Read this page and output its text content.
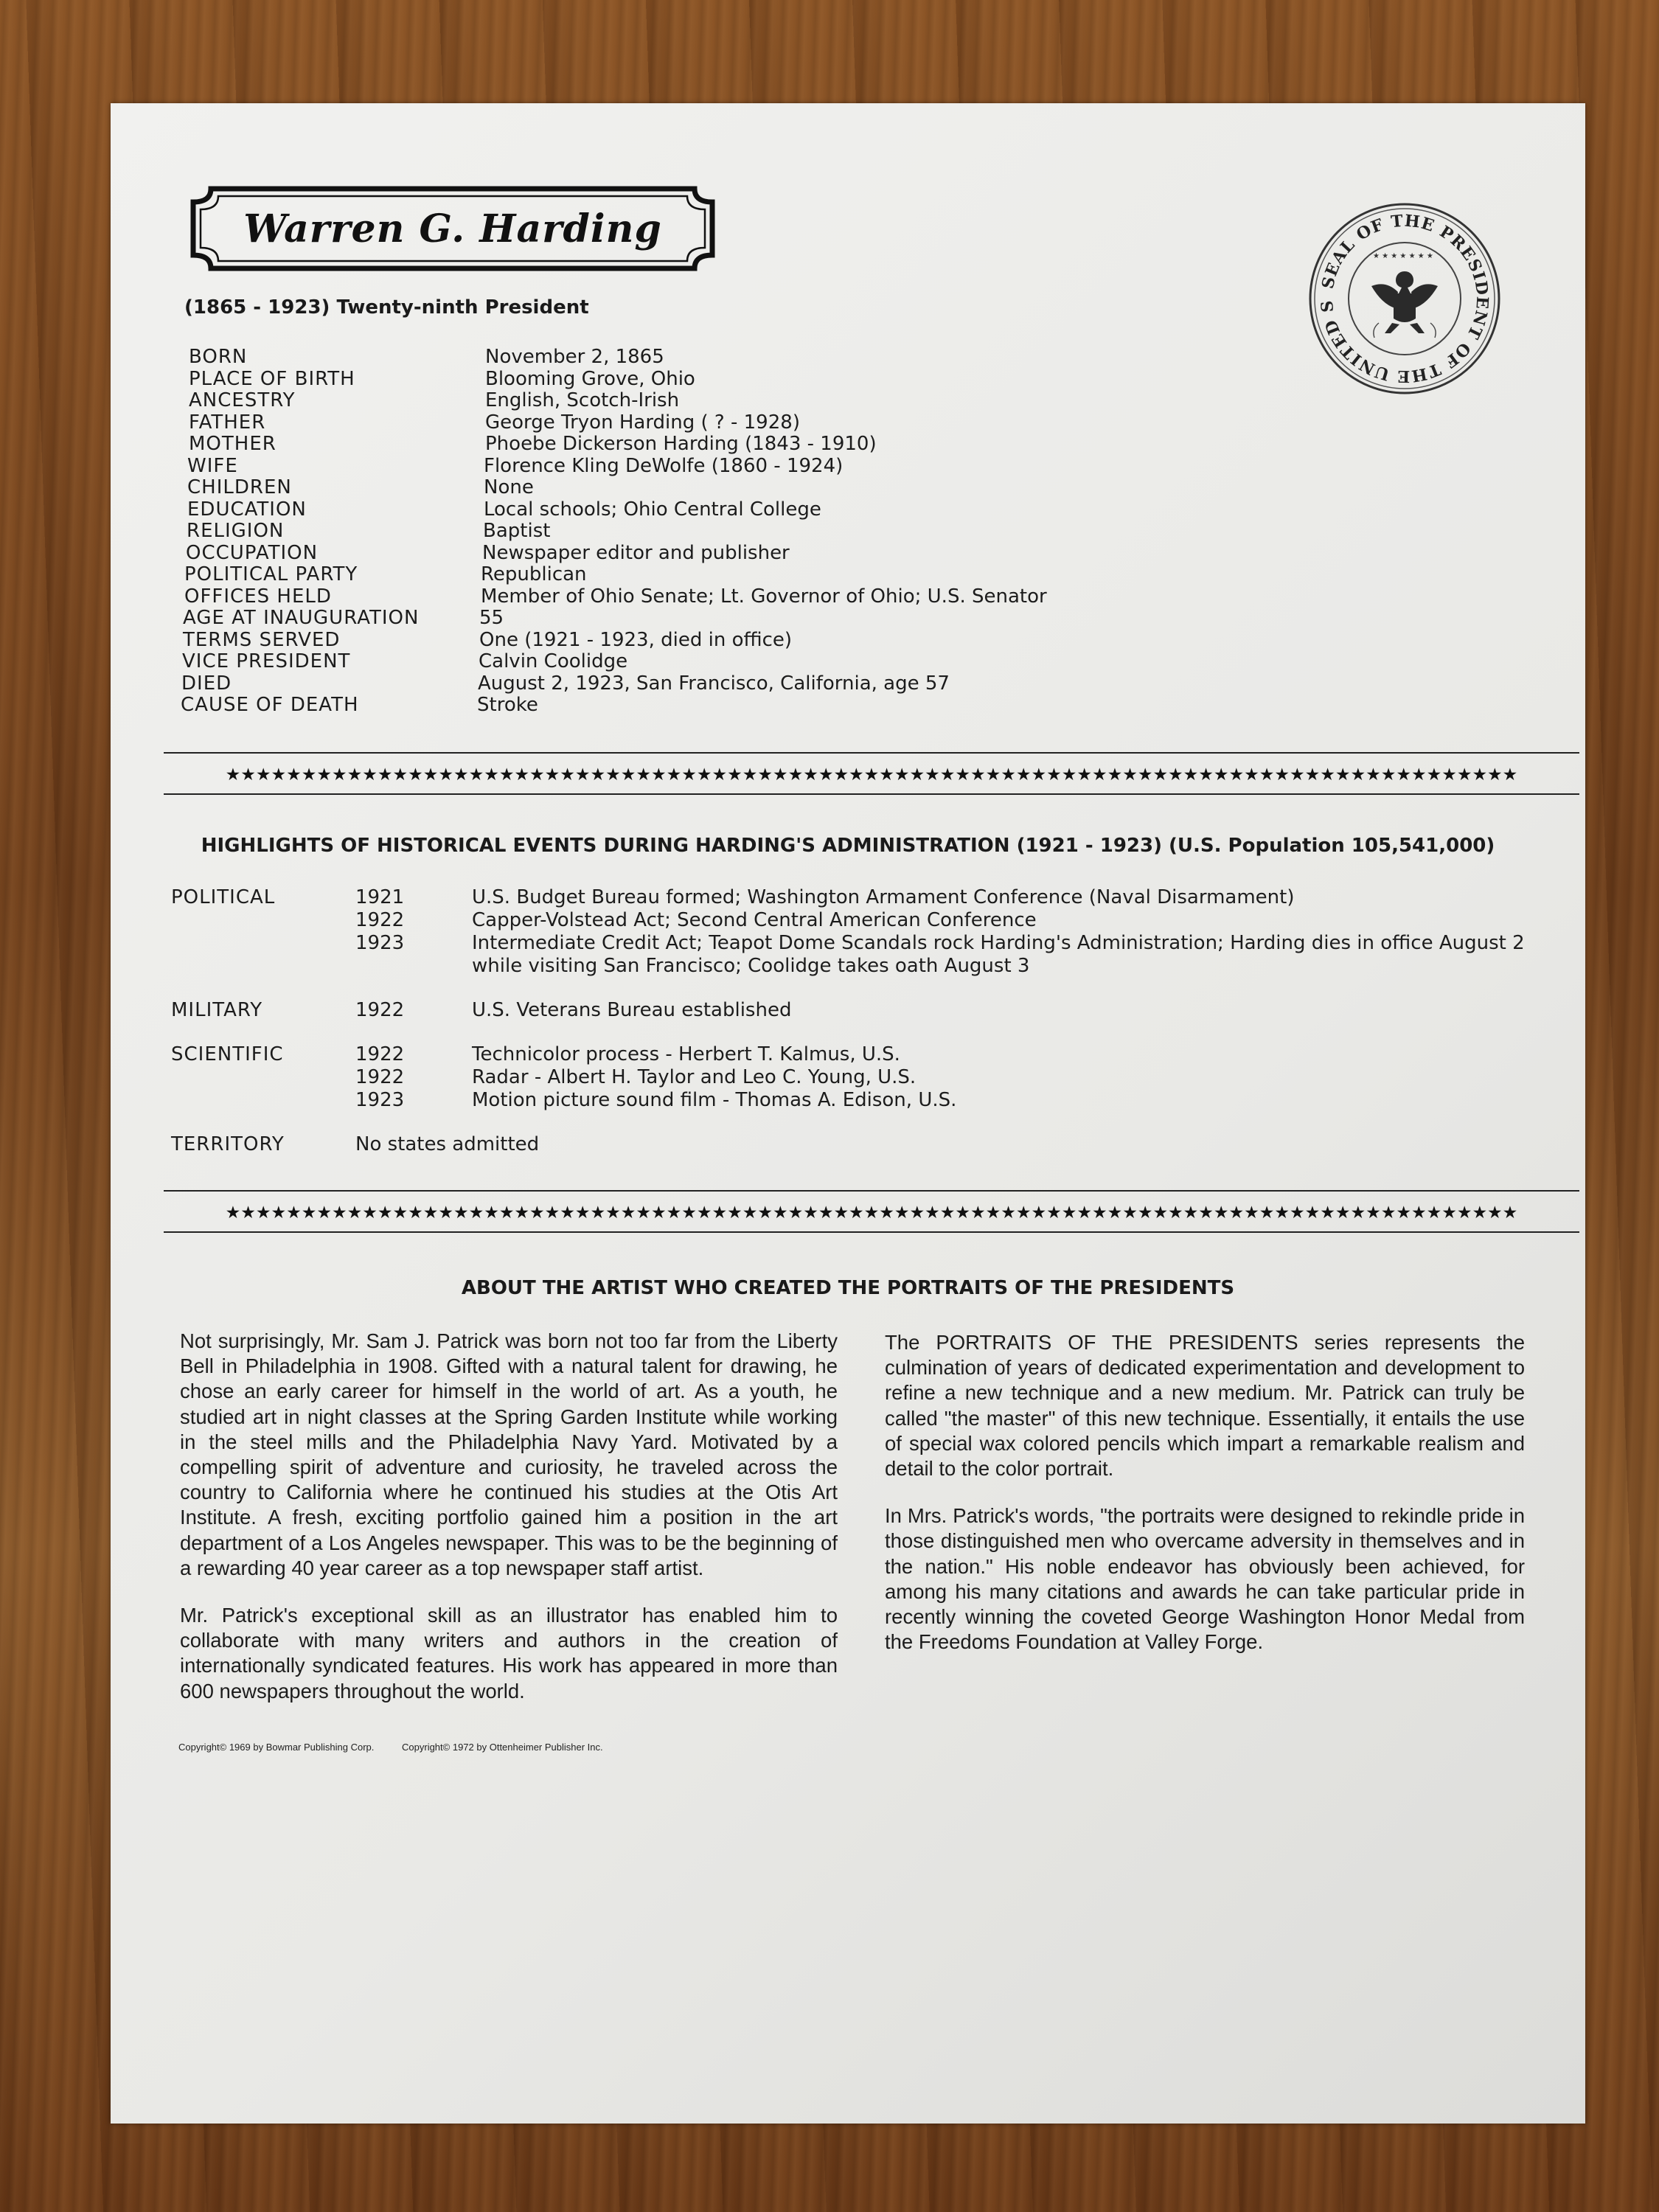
Warren G. Harding
(1865 - 1923) Twenty-ninth President
SEAL OF THE PRESIDENT OF THE UNITED S
★ ★ ★ ★ ★ ★ ★
BORN	November 2, 1865
PLACE OF BIRTH	Blooming Grove, Ohio
ANCESTRY	English, Scotch-Irish
FATHER	George Tryon Harding ( ? - 1928)
MOTHER	Phoebe Dickerson Harding (1843 - 1910)
WIFE	Florence Kling DeWolfe (1860 - 1924)
CHILDREN	None
EDUCATION	Local schools; Ohio Central College
RELIGION	Baptist
OCCUPATION	Newspaper editor and publisher
POLITICAL PARTY	Republican
OFFICES HELD	Member of Ohio Senate; Lt. Governor of Ohio; U.S. Senator
AGE AT INAUGURATION	55
TERMS SERVED	One (1921 - 1923, died in office)
VICE PRESIDENT	Calvin Coolidge
DIED	August 2, 1923, San Francisco, California, age 57
CAUSE OF DEATH	Stroke
★★★★★★★★★★★★★★★★★★★★★★★★★★★★★★★★★★★★★★★★★★★★★★★★★★★★★★★★★★★★★★★★★★★★★★★★★★★★★★★★★★★★★
HIGHLIGHTS OF HISTORICAL EVENTS DURING HARDING'S ADMINISTRATION (1921 - 1923) (U.S. Population 105,541,000)
POLITICAL	1921	U.S. Budget Bureau formed; Washington Armament Conference (Naval Disarmament)
1922	Capper-Volstead Act; Second Central American Conference
1923	Intermediate Credit Act; Teapot Dome Scandals rock Harding's Administration; Harding dies in office August 2 while visiting San Francisco; Coolidge takes oath August 3
MILITARY	1922	U.S. Veterans Bureau established
SCIENTIFIC	1922	Technicolor process - Herbert T. Kalmus, U.S.
1922	Radar - Albert H. Taylor and Leo C. Young, U.S.
1923	Motion picture sound film - Thomas A. Edison, U.S.
TERRITORY	No states admitted
★★★★★★★★★★★★★★★★★★★★★★★★★★★★★★★★★★★★★★★★★★★★★★★★★★★★★★★★★★★★★★★★★★★★★★★★★★★★★★★★★★★★★
ABOUT THE ARTIST WHO CREATED THE PORTRAITS OF THE PRESIDENTS

Not surprisingly, Mr. Sam J. Patrick was born not too far from the Liberty Bell in Philadelphia in 1908. Gifted with a natural talent for drawing, he chose an early career for himself in the world of art. As a youth, he studied art in night classes at the Spring Garden Institute while working in the steel mills and the Philadelphia Navy Yard. Motivated by a compelling spirit of adventure and curiosity, he traveled across the country to California where he continued his studies at the Otis Art Institute. A fresh, exciting portfolio gained him a position in the art department of a Los Angeles newspaper. This was to be the beginning of a rewarding 40 year career as a top newspaper staff artist.

Mr. Patrick's exceptional skill as an illustrator has enabled him to collaborate with many writers and authors in the creation of internationally syndicated features. His work has appeared in more than 600 newspapers throughout the world.

The PORTRAITS OF THE PRESIDENTS series represents the culmination of years of dedicated experimentation and development to refine a new technique and a new medium. Mr. Patrick can truly be called "the master" of this new technique. Essentially, it entails the use of special wax colored pencils which impart a remarkable realism and detail to the color portrait.

In Mrs. Patrick's words, "the portraits were designed to rekindle pride in those distinguished men who overcame adversity in themselves and in the nation." His noble endeavor has obviously been achieved, for among his many citations and awards he can take particular pride in recently winning the coveted George Washington Honor Medal from the Freedoms Foundation at Valley Forge.

Copyright© 1969 by Bowmar Publishing Corp.	Copyright© 1972 by Ottenheimer Publisher Inc.
